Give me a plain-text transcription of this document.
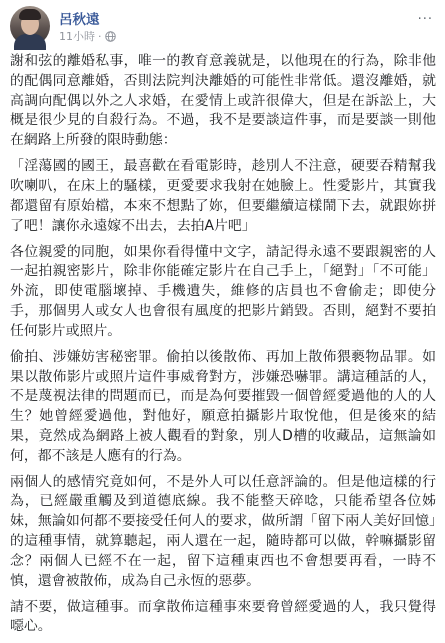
呂秋遠
11小時 ·
···

謝和弦的離婚私事，唯一的教育意義就是，以他現在的行為，除非他的配偶同意離婚，否則法院判決離婚的可能性非常低。還沒離婚，就高調向配偶以外之人求婚，在愛情上或許很偉大，但是在訴訟上，大概是很少見的自殺行為。不過，我不是要談這件事，而是要談一則他在網路上所發的限時動態：

「淫蕩國的國王，最喜歡在看電影時，趁別人不注意，硬要吞精幫我吹喇叭，在床上的騷樣，更愛要求我射在她臉上。性愛影片，其實我都還留有原始檔，本來不想點了妳，但要繼續這樣鬧下去，就跟妳拼了吧！讓你永遠嫁不出去，去拍A片吧」

各位親愛的同胞，如果你看得懂中文字，請記得永遠不要跟親密的人一起拍親密影片，除非你能確定影片在自己手上，「絕對」「不可能」外流，即使電腦壞掉、手機遺失，維修的店員也不會偷走；即使分手，那個男人或女人也會很有風度的把影片銷毀。否則，絕對不要拍任何影片或照片。

偷拍、涉嫌妨害秘密罪。偷拍以後散佈、再加上散佈猥褻物品罪。如果以散佈影片或照片這件事威脅對方，涉嫌恐嚇罪。講這種話的人，不是蔑視法律的問題而已，而是為何要摧毀一個曾經愛過他的人的人生？她曾經愛過他，對他好，願意拍攝影片取悅他，但是後來的結果，竟然成為網路上被人觀看的對象，別人D槽的收藏品，這無論如何，都不該是人應有的行為。

兩個人的感情究竟如何，不是外人可以任意評論的。但是他這樣的行為，已經嚴重觸及到道德底線。我不能整天碎唸，只能希望各位姊妹，無論如何都不要接受任何人的要求，做所謂「留下兩人美好回憶」的這種事情，就算聽起，兩人還在一起，隨時都可以做，幹嘛攝影留念？兩個人已經不在一起，留下這種東西也不會想要再看，一時不慎，還會被散佈，成為自己永恆的惡夢。

請不要，做這種事。而拿散佈這種事來要脅曾經愛過的人，我只覺得噁心。
